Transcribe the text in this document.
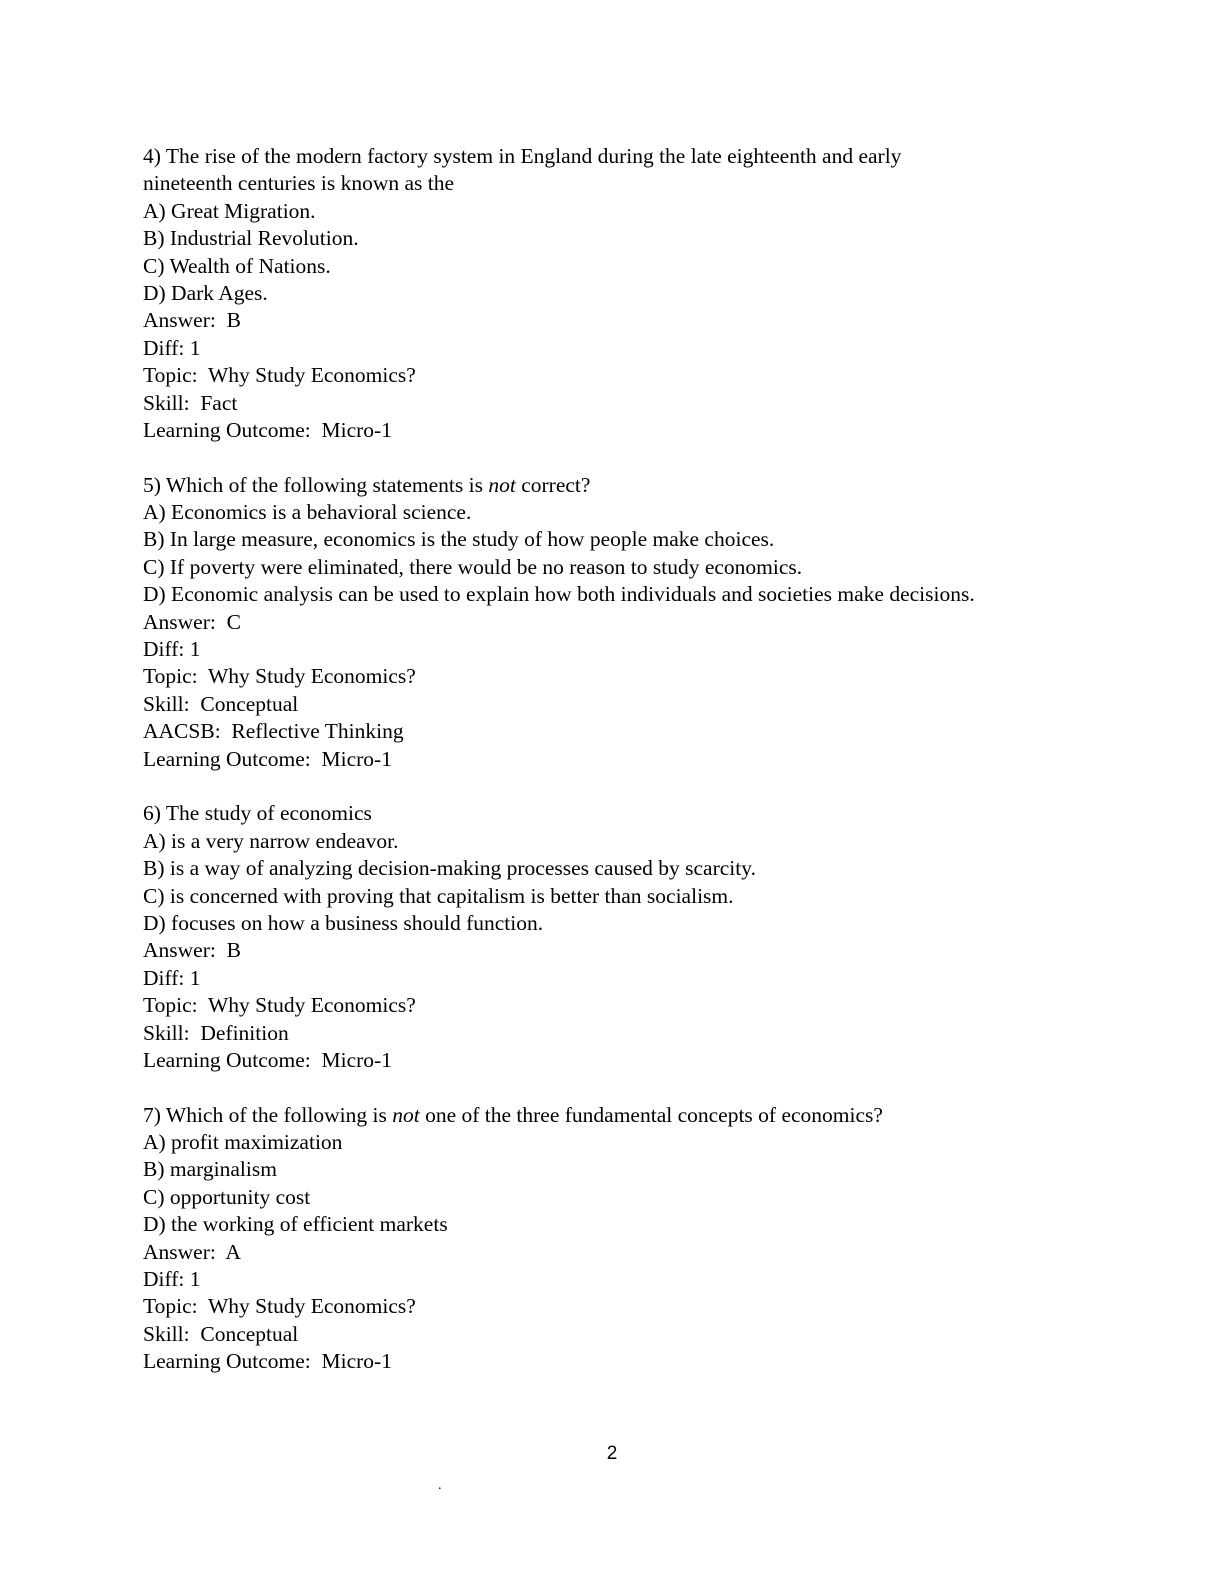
4) The rise of the modern factory system in England during the late eighteenth and early

nineteenth centuries is known as the

A) Great Migration.

B) Industrial Revolution.

C) Wealth of Nations.

D) Dark Ages.

Answer:  B

Diff: 1

Topic:  Why Study Economics?

Skill:  Fact

Learning Outcome:  Micro-1

5) Which of the following statements is not correct?

A) Economics is a behavioral science.

B) In large measure, economics is the study of how people make choices.

C) If poverty were eliminated, there would be no reason to study economics.

D) Economic analysis can be used to explain how both individuals and societies make decisions.

Answer:  C

Diff: 1

Topic:  Why Study Economics?

Skill:  Conceptual

AACSB:  Reflective Thinking

Learning Outcome:  Micro-1

6) The study of economics

A) is a very narrow endeavor.

B) is a way of analyzing decision-making processes caused by scarcity.

C) is concerned with proving that capitalism is better than socialism.

D) focuses on how a business should function.

Answer:  B

Diff: 1

Topic:  Why Study Economics?

Skill:  Definition

Learning Outcome:  Micro-1

7) Which of the following is not one of the three fundamental concepts of economics?

A) profit maximization

B) marginalism

C) opportunity cost

D) the working of efficient markets

Answer:  A

Diff: 1

Topic:  Why Study Economics?

Skill:  Conceptual

Learning Outcome:  Micro-1

2
.
